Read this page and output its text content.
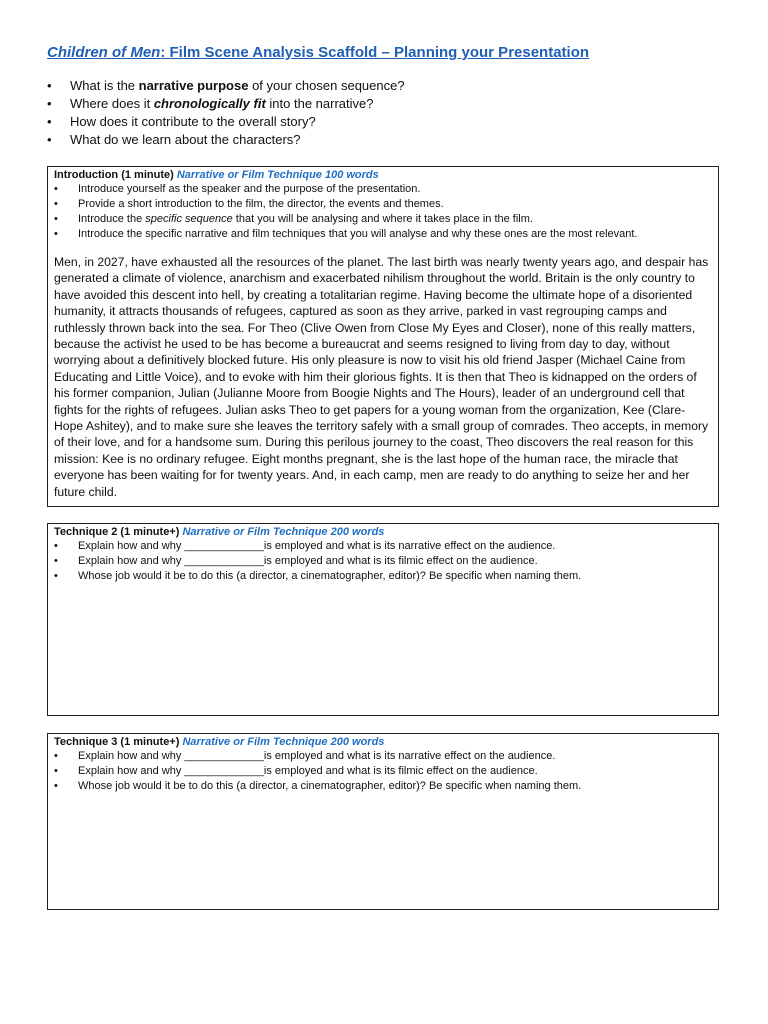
Children of Men: Film Scene Analysis Scaffold – Planning your Presentation
• What is the narrative purpose of your chosen sequence?
• Where does it chronologically fit into the narrative?
• How does it contribute to the overall story?
• What do we learn about the characters?
Introduction (1 minute) Narrative or Film Technique 100 words
• Introduce yourself as the speaker and the purpose of the presentation.
• Provide a short introduction to the film, the director, the events and themes.
• Introduce the specific sequence that you will be analysing and where it takes place in the film.
• Introduce the specific narrative and film techniques that you will analyse and why these ones are the most relevant.

Men, in 2027, have exhausted all the resources of the planet. The last birth was nearly twenty years ago, and despair has generated a climate of violence, anarchism and exacerbated nihilism throughout the world. Britain is the only country to have avoided this descent into hell, by creating a totalitarian regime. Having become the ultimate hope of a disoriented humanity, it attracts thousands of refugees, captured as soon as they arrive, parked in vast regrouping camps and ruthlessly thrown back into the sea. For Theo (Clive Owen from Close My Eyes and Closer), none of this really matters, because the activist he used to be has become a bureaucrat and seems resigned to living from day to day, without worrying about a definitively blocked future. His only pleasure is now to visit his old friend Jasper (Michael Caine from Educating and Little Voice), and to evoke with him their glorious fights. It is then that Theo is kidnapped on the orders of his former companion, Julian (Julianne Moore from Boogie Nights and The Hours), leader of an underground cell that fights for the rights of refugees. Julian asks Theo to get papers for a young woman from the organization, Kee (Clare-Hope Ashitey), and to make sure she leaves the territory safely with a small group of comrades. Theo accepts, in memory of their love, and for a handsome sum. During this perilous journey to the coast, Theo discovers the real reason for this mission: Kee is no ordinary refugee. Eight months pregnant, she is the last hope of the human race, the miracle that everyone has been waiting for for twenty years. And, in each camp, men are ready to do anything to seize her and her future child.

Technique 2 (1 minute+) Narrative or Film Technique 200 words
• Explain how and why _____________is employed and what is its narrative effect on the audience.
• Explain how and why _____________is employed and what is its filmic effect on the audience.
• Whose job would it be to do this (a director, a cinematographer, editor)? Be specific when naming them.
Technique 3 (1 minute+) Narrative or Film Technique 200 words
• Explain how and why _____________is employed and what is its narrative effect on the audience.
• Explain how and why _____________is employed and what is its filmic effect on the audience.
• Whose job would it be to do this (a director, a cinematographer, editor)? Be specific when naming them.
